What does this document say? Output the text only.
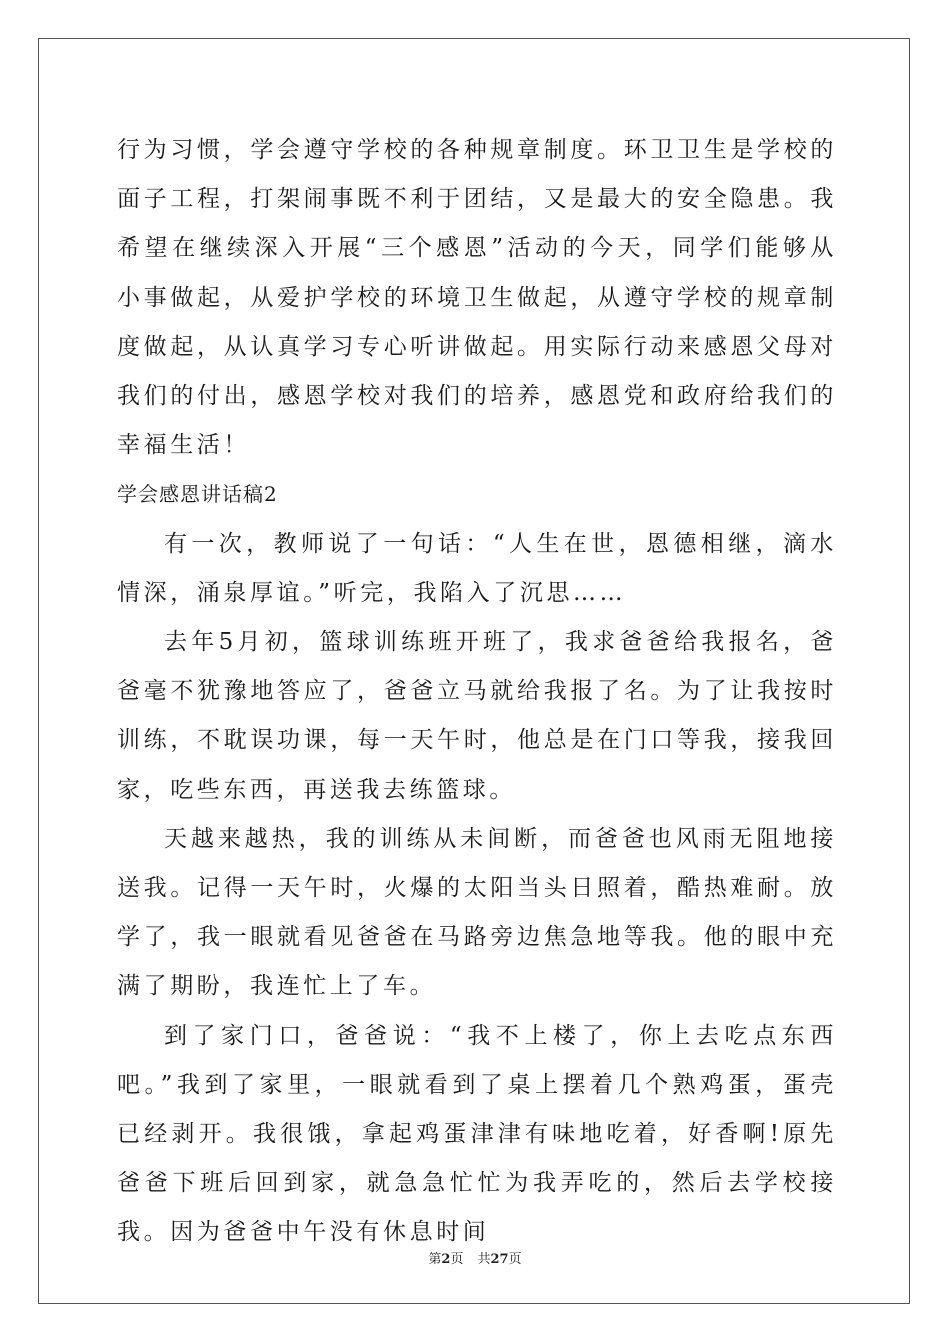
行为习惯，学会遵守学校的各种规章制度。环卫卫生是学校的面子工程，打架闹事既不利于团结，又是最大的安全隐患。我希望在继续深入开展“三个感恩”活动的今天，同学们能够从小事做起，从爱护学校的环境卫生做起，从遵守学校的规章制度做起，从认真学习专心听讲做起。用实际行动来感恩父母对我们的付出，感恩学校对我们的培养，感恩党和政府给我们的幸福生活！

学会感恩讲话稿2

有一次，教师说了一句话：“人生在世，恩德相继，滴水情深，涌泉厚谊。”听完，我陷入了沉思……

去年5月初，篮球训练班开班了，我求爸爸给我报名，爸爸毫不犹豫地答应了，爸爸立马就给我报了名。为了让我按时训练，不耽误功课，每一天午时，他总是在门口等我，接我回家，吃些东西，再送我去练篮球。

天越来越热，我的训练从未间断，而爸爸也风雨无阻地接送我。记得一天午时，火爆的太阳当头日照着，酷热难耐。放学了，我一眼就看见爸爸在马路旁边焦急地等我。他的眼中充满了期盼，我连忙上了车。

到了家门口，爸爸说：“我不上楼了，你上去吃点东西吧。”我到了家里，一眼就看到了桌上摆着几个熟鸡蛋，蛋壳已经剥开。我很饿，拿起鸡蛋津津有味地吃着，好香啊!原先爸爸下班后回到家，就急急忙忙为我弄吃的，然后去学校接我。因为爸爸中午没有休息时间

第2页 共27页
